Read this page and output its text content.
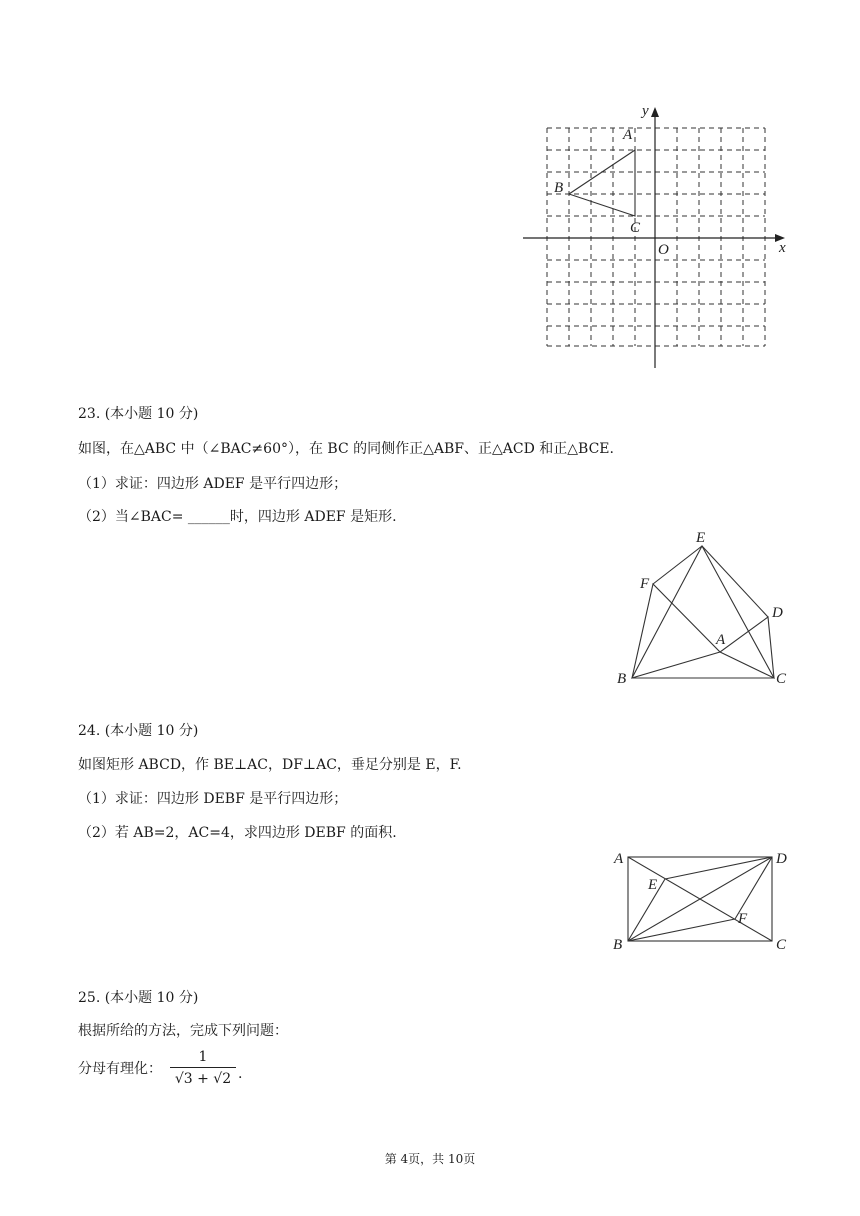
y
x
O
A
B
C
23. (本小题 10 分)
如图，在△ABC 中（∠BAC≠60°），在 BC 的同侧作正△ABF、正△ACD 和正△BCE.
（1）求证：四边形 ADEF 是平行四边形；
（2）当∠BAC= ______时，四边形 ADEF 是矩形.
E
F
D
A
B	C
24. (本小题 10 分)
如图矩形 ABCD，作 BE⊥AC，DF⊥AC，垂足分别是 E，F.
（1）求证：四边形 DEBF 是平行四边形；
（2）若 AB=2，AC=4，求四边形 DEBF 的面积.
A	D
E
F
B	C
25. (本小题 10 分)
根据所给的方法，完成下列问题：
分母有理化：
1
√3 + √2 .
第 4页，共 10页
